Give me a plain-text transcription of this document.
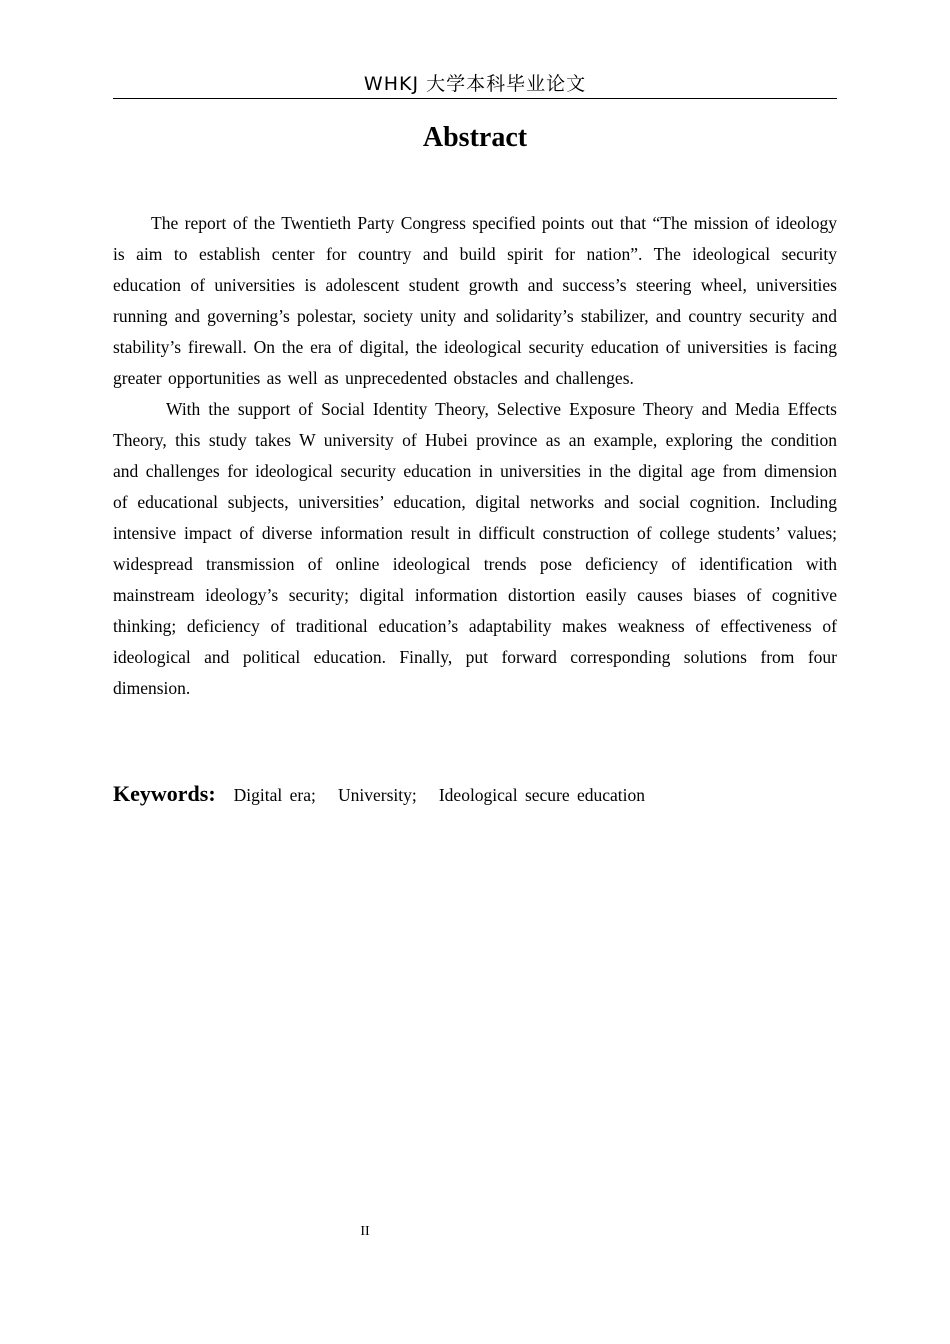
WHKJ 大学本科毕业论文
Abstract

The report of the Twentieth Party Congress specified points out that “The mission of ideology is aim to establish center for country and build spirit for nation”. The ideological security education of universities is adolescent student growth and success’s steering wheel, universities running and governing’s polestar, society unity and solidarity’s stabilizer, and country security and stability’s firewall. On the era of digital, the ideological security education of universities is facing greater opportunities as well as unprecedented obstacles and challenges.

With the support of Social Identity Theory, Selective Exposure Theory and Media Effects Theory, this study takes W university of Hubei province as an example, exploring the condition and challenges for ideological security education in universities in the digital age from dimension of educational subjects, universities’ education, digital networks and social cognition. Including intensive impact of diverse information result in difficult construction of college students’ values; widespread transmission of online ideological trends pose deficiency of identification with mainstream ideology’s security; digital information distortion easily causes biases of cognitive thinking; deficiency of traditional education’s adaptability makes weakness of effectiveness of ideological and political education. Finally, put forward corresponding solutions from four dimension.

Keywords: Digital era;   University;   Ideological secure education
II
